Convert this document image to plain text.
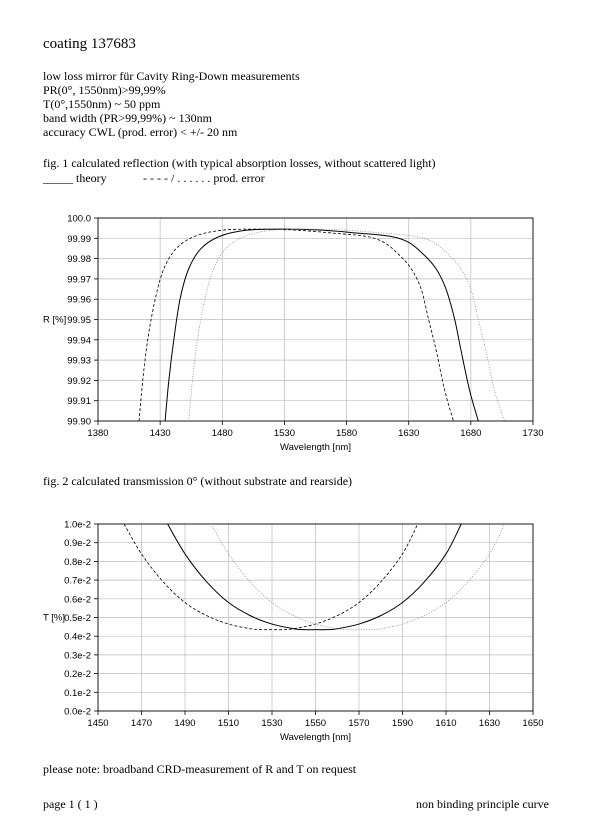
coating 137683
low loss mirror für Cavity Ring-Down measurements
PR(0°, 1550nm)>99,99%
T(0°,1550nm) ~ 50 ppm
band width (PR>99,99%) ~ 130nm
accuracy CWL (prod. error) < +/- 20 nm
fig. 1 calculated reflection (with typical absorption losses, without scattered light)
_____ theory	- - - - / . . . . . . prod. error
fig. 2 calculated transmission 0° (without substrate and rearside)
please note: broadband CRD-measurement of R and T on request
page 1 ( 1 )	non binding principle curve
1380	1430	1480	1530	1580	1630	1680	1730
100.0
99.99
99.98
99.97
99.96
99.95
99.94
99.93
99.92
99.91
99.90
Wavelength [nm]
R [%]
1450 1470 1490 1510 1530 1550 1570 1590 1610 1630 1650
1.0e-2
0.9e-2
0.8e-2
0.7e-2
0.6e-2
0.5e-2
0.4e-2
0.3e-2
0.2e-2
0.1e-2
0.0e-2
Wavelength [nm]
T [%]
